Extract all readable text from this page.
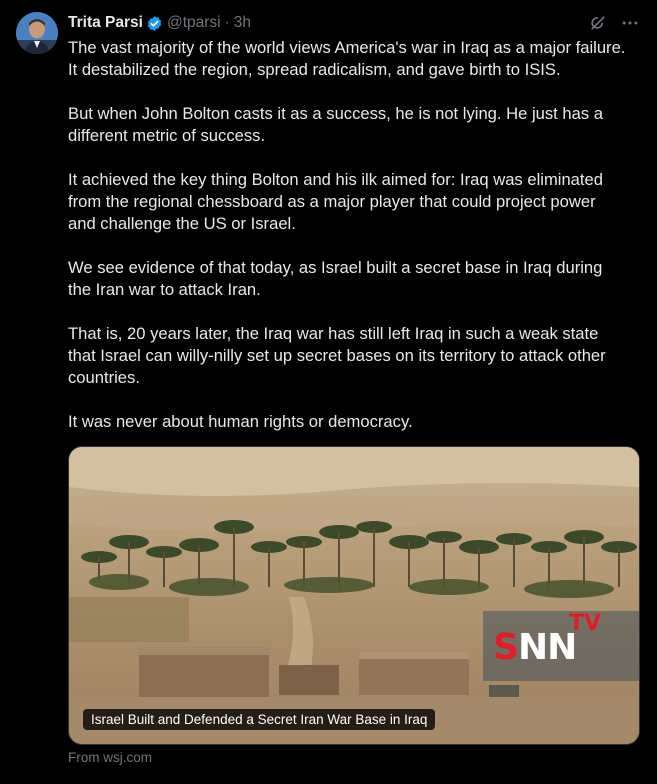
Trita Parsi @tparsi · 3h

The vast majority of the world views America's war in Iraq as a major failure.
It destabilized the region, spread radicalism, and gave birth to ISIS.

But when John Bolton casts it as a success, he is not lying. He just has a
different metric of success.

It achieved the key thing Bolton and his ilk aimed for: Iraq was eliminated
from the regional chessboard as a major player that could project power
and challenge the US or Israel.

We see evidence of that today, as Israel built a secret base in Iraq during
the Iran war to attack Iran.

That is, 20 years later, the Iraq war has still left Iraq in such a weak state
that Israel can willy-nilly set up secret bases on its territory to attack other
countries.

It was never about human rights or democracy.

SNN
TV
Israel Built and Defended a Secret Iran War Base in Iraq
From wsj.com
